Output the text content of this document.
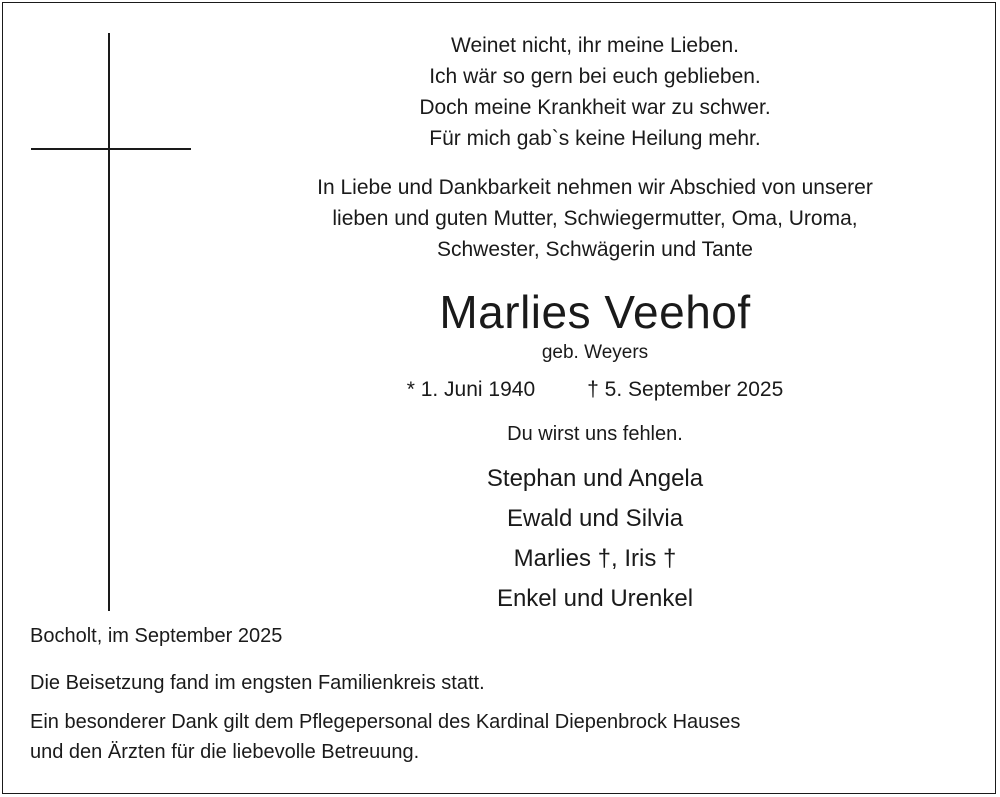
Weinet nicht, ihr meine Lieben.
Ich wär so gern bei euch geblieben.
Doch meine Krankheit war zu schwer.
Für mich gab`s keine Heilung mehr.
In Liebe und Dankbarkeit nehmen wir Abschied von unserer
lieben und guten Mutter, Schwiegermutter, Oma, Uroma,
Schwester, Schwägerin und Tante
Marlies Veehof
geb. Weyers
* 1. Juni 1940 † 5. September 2025
Du wirst uns fehlen.
Stephan und Angela
Ewald und Silvia
Marlies †, Iris †
Enkel und Urenkel
Bocholt, im September 2025
Die Beisetzung fand im engsten Familienkreis statt.
Ein besonderer Dank gilt dem Pflegepersonal des Kardinal Diepenbrock Hauses
und den Ärzten für die liebevolle Betreuung.
